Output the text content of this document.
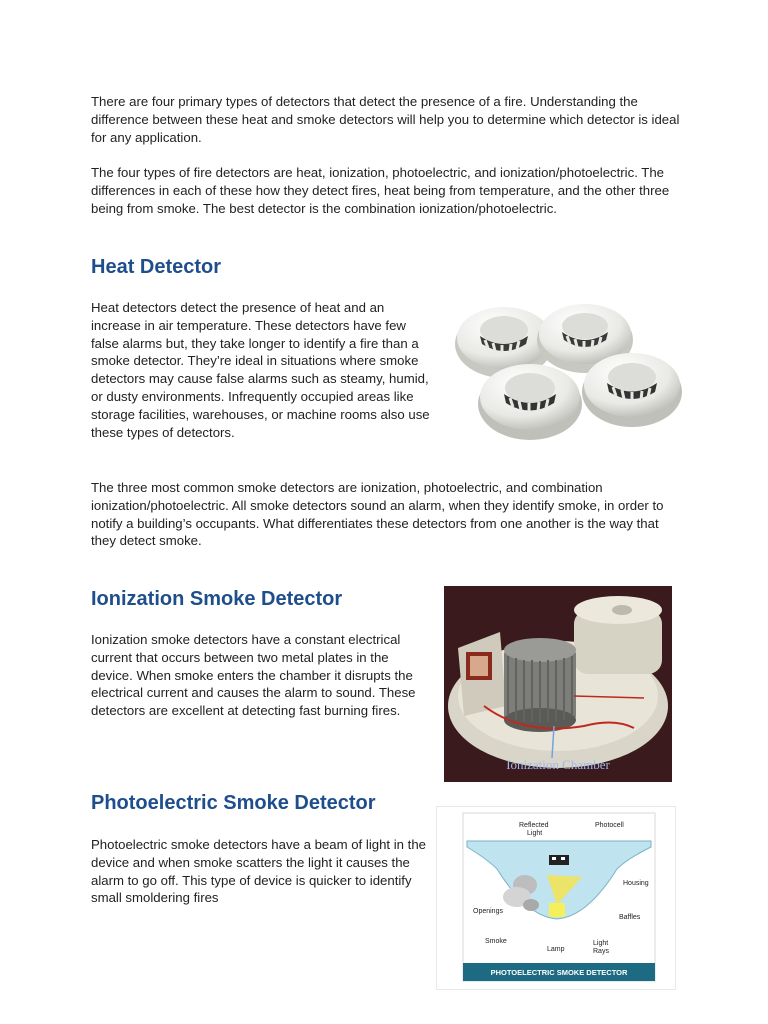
There are four primary types of detectors that detect the presence of a fire. Understanding the difference between these heat and smoke detectors will help you to determine which detector is ideal for any application.

The four types of fire detectors are heat, ionization, photoelectric, and ionization/photoelectric. The differences in each of these how they detect fires, heat being from temperature, and the other three being from smoke. The best detector is the combination ionization/photoelectric.

Heat Detector

Heat detectors detect the presence of heat and an increase in air temperature. These detectors have few false alarms but, they take longer to identify a fire than a smoke detector. They’re ideal in situations where smoke detectors may cause false alarms such as steamy, humid, or dusty environments. Infrequently occupied areas like storage facilities, warehouses, or machine rooms also use these types of detectors.

The three most common smoke detectors are ionization, photoelectric, and combination ionization/photoelectric. All smoke detectors sound an alarm, when they identify smoke, in order to notify a building’s occupants. What differentiates these detectors from one another is the way that they detect smoke.

Ionization Smoke Detector

Ionization smoke detectors have a constant electrical current that occurs between two metal plates in the device. When smoke enters the chamber it disrupts the electrical current and causes the alarm to sound. These detectors are excellent at detecting fast burning fires.

Ionization Chamber
Photoelectric Smoke Detector

Photoelectric smoke detectors have a beam of light in the device and when smoke scatters the light it causes the alarm to go off. This type of device is quicker to identify small smoldering fires

Reflected
Light
Photocell
Housing
Openings
Baffles
Smoke
Lamp
Light
Rays
PHOTOELECTRIC SMOKE DETECTOR
